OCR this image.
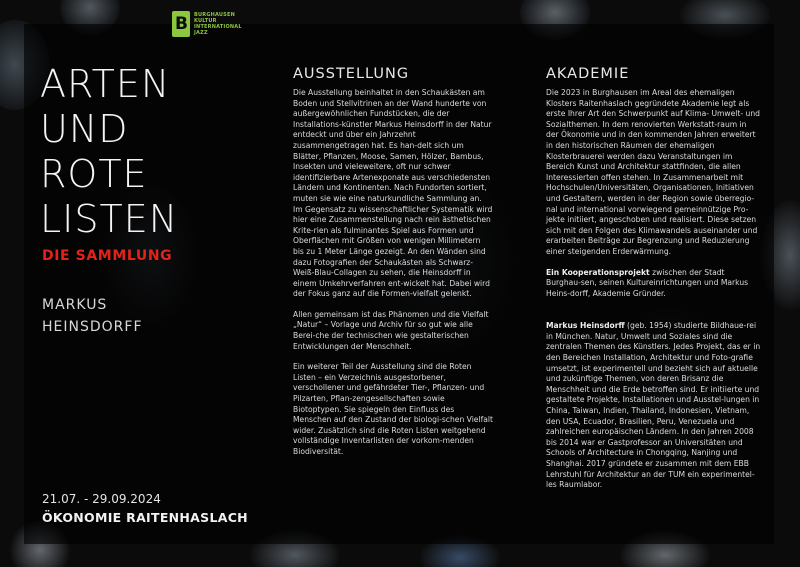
B
BURGHAUSEN
KULTUR
INTERNATIONAL
JAZZ
ARTEN
UND
ROTE
LISTEN
DIE SAMMLUNG
MARKUS
HEINSDORFF
21.07. - 29.09.2024
ÖKONOMIE RAITENHASLACH
AUSSTELLUNG

Die Ausstellung beinhaltet in den Schaukästen am Boden und Stellvitrinen an der Wand hunderte von außergewöhnlichen Fundstücken, die der Installations-künstler Markus Heinsdorff in der Natur entdeckt und über ein Jahrzehnt zusammengetragen hat. Es han-delt sich um Blätter, Pflanzen, Moose, Samen, Hölzer, Bambus, Insekten und vieleweitere, oft nur schwer identifizierbare Artenexponate aus verschiedensten Ländern und Kontinenten. Nach Fundorten sortiert, muten sie wie eine naturkundliche Sammlung an. Im Gegensatz zu wissenschaftlicher Systematik wird hier eine Zusammenstellung nach rein ästhetischen Krite-rien als fulminantes Spiel aus Formen und Oberflächen mit Größen von wenigen Millimetern bis zu 1 Meter Länge gezeigt. An den Wänden sind dazu Fotografien der Schaukästen als Schwarz-Weiß-Blau-Collagen zu sehen, die Heinsdorff in einem Umkehrverfahren ent-wickelt hat. Dabei wird der Fokus ganz auf die Formen-vielfalt gelenkt.

Allen gemeinsam ist das Phänomen und die Vielfalt „Natur“ – Vorlage und Archiv für so gut wie alle Berei-che der technischen wie gestalterischen Entwicklungen der Menschheit.

Ein weiterer Teil der Ausstellung sind die Roten Listen – ein Verzeichnis ausgestorbener, verschollener und gefährdeter Tier-, Pflanzen- und Pilzarten, Pflan-zengesellschaften sowie Biotoptypen. Sie spiegeln den Einfluss des Menschen auf den Zustand der biologi-schen Vielfalt wider. Zusätzlich sind die Roten Listen weitgehend vollständige Inventarlisten der vorkom-menden Biodiversität.

AKADEMIE

Die 2023 in Burghausen im Areal des ehemaligen Klosters Raitenhaslach gegründete Akademie legt als erste Ihrer Art den Schwerpunkt auf Klima- Umwelt- und Sozialthemen. In dem renovierten Werkstatt-raum in der Ökonomie und in den kommenden Jahren erweitert in den historischen Räumen der ehemaligen Klosterbrauerei werden dazu Veranstaltungen im Bereich Kunst und Architektur stattfinden, die allen Interessierten offen stehen. In Zusammenarbeit mit Hochschulen/Universitäten, Organisationen, Initiativen und Gestaltern, werden in der Region sowie überregio-nal und international vorwiegend gemeinnützige Pro-jekte initiiert, angeschoben und realisiert. Diese setzen sich mit den Folgen des Klimawandels auseinander und erarbeiten Beiträge zur Begrenzung und Reduzierung einer steigenden Erderwärmung.

Ein Kooperationsprojekt zwischen der Stadt Burghau-sen, seinen Kultureinrichtungen und Markus Heins-dorff, Akademie Gründer.

Markus Heinsdorff (geb. 1954) studierte Bildhaue-rei in München. Natur, Umwelt und Soziales sind die zentralen Themen des Künstlers. Jedes Projekt, das er in den Bereichen Installation, Architektur und Foto-grafie umsetzt, ist experimentell und bezieht sich auf aktuelle und zukünftige Themen, von deren Brisanz die Menschheit und die Erde betroffen sind. Er initiierte und gestaltete Projekte, Installationen und Ausstel-lungen in China, Taiwan, Indien, Thailand, Indonesien, Vietnam, den USA, Ecuador, Brasilien, Peru, Venezuela und zahlreichen europäischen Ländern. In den Jahren 2008 bis 2014 war er Gastprofessor an Universitäten und Schools of Architecture in Chongqing, Nanjing und Shanghai. 2017 gründete er zusammen mit dem EBB Lehrstuhl für Architektur an der TUM ein experimentel-les Raumlabor.
